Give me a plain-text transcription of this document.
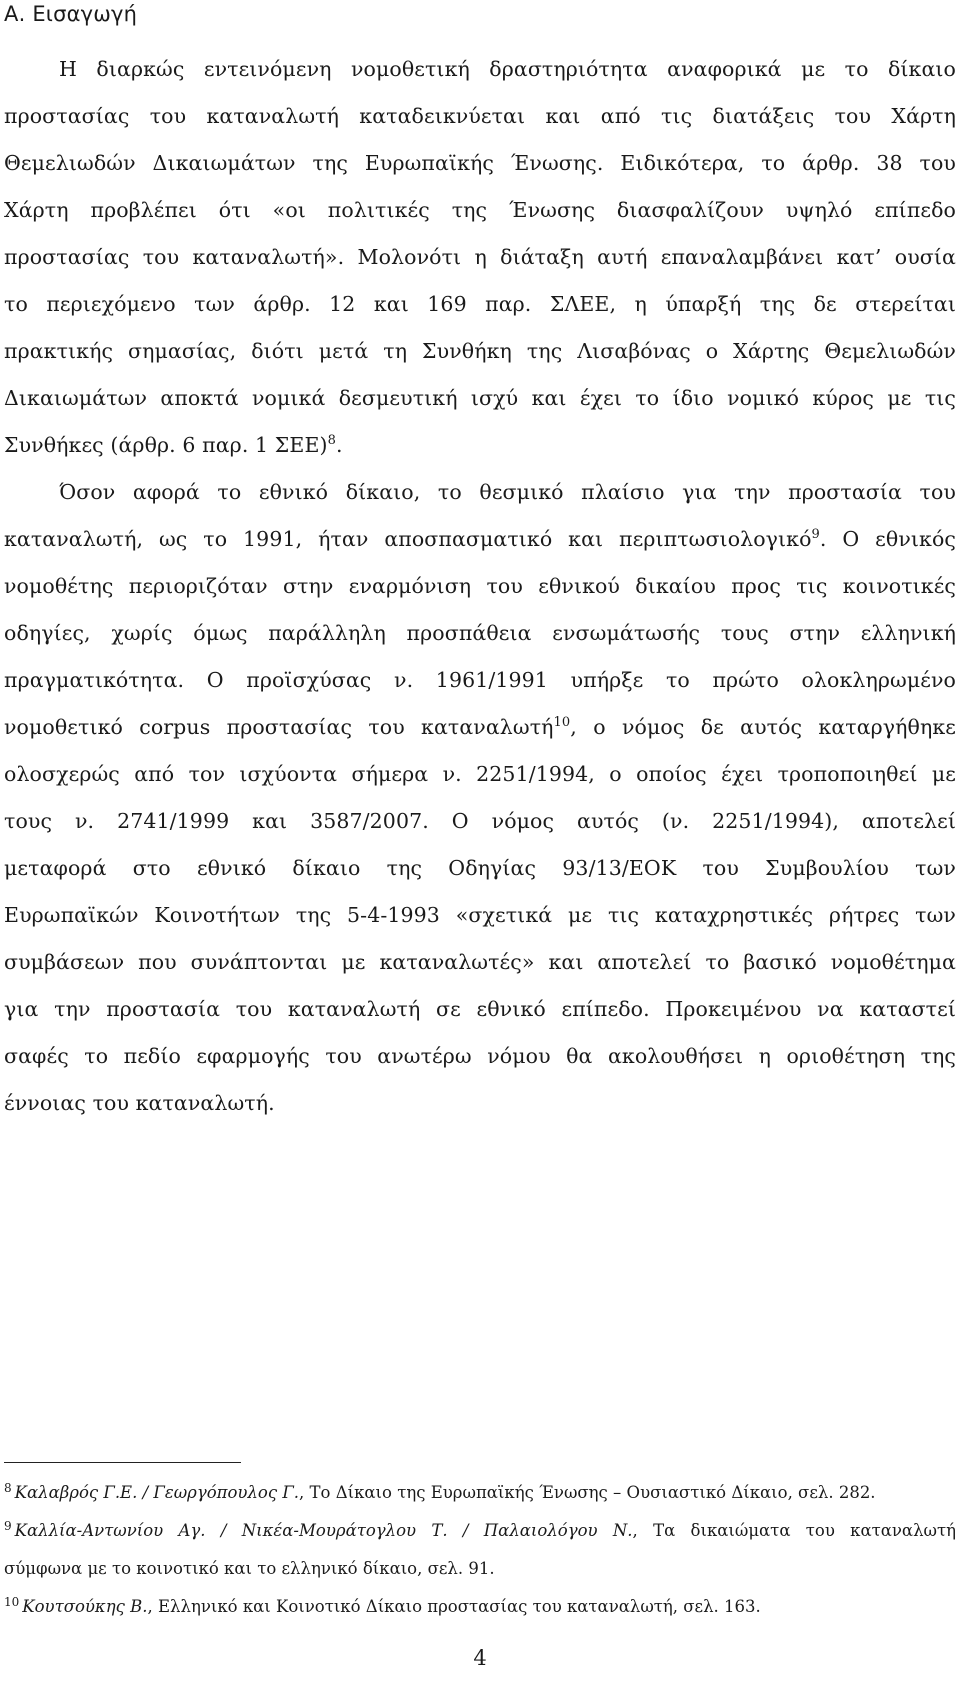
Α. Εισαγωγή
Η διαρκώς εντεινόμενη νομοθετική δραστηριότητα αναφορικά με το δίκαιο
προστασίας του καταναλωτή καταδεικνύεται και από τις διατάξεις του Χάρτη
Θεμελιωδών Δικαιωμάτων της Ευρωπαϊκής Ένωσης. Ειδικότερα, το άρθρ. 38 του
Χάρτη προβλέπει ότι «οι πολιτικές της Ένωσης διασφαλίζουν υψηλό επίπεδο
προστασίας του καταναλωτή». Μολονότι η διάταξη αυτή επαναλαμβάνει κατ’ ουσία
το περιεχόμενο των άρθρ. 12 και 169 παρ. ΣΛΕΕ, η ύπαρξή της δε στερείται
πρακτικής σημασίας, διότι μετά τη Συνθήκη της Λισαβόνας ο Χάρτης Θεμελιωδών
Δικαιωμάτων αποκτά νομικά δεσμευτική ισχύ και έχει το ίδιο νομικό κύρος με τις
Συνθήκες (άρθρ. 6 παρ. 1 ΣΕΕ)$^8$.
Όσον αφορά το εθνικό δίκαιο, το θεσμικό πλαίσιο για την προστασία του
καταναλωτή, ως το 1991, ήταν αποσπασματικό και περιπτωσιολογικό$^9$. Ο εθνικός
νομοθέτης περιοριζόταν στην εναρμόνιση του εθνικού δικαίου προς τις κοινοτικές
οδηγίες, χωρίς όμως παράλληλη προσπάθεια ενσωμάτωσής τους στην ελληνική
πραγματικότητα. Ο προϊσχύσας ν. 1961/1991 υπήρξε το πρώτο ολοκληρωμένο
νομοθετικό corpus προστασίας του καταναλωτή$^{10}$, ο νόμος δε αυτός καταργήθηκε
ολοσχερώς από τον ισχύοντα σήμερα ν. 2251/1994, ο οποίος έχει τροποποιηθεί με
τους ν. 2741/1999 και 3587/2007. Ο νόμος αυτός (ν. 2251/1994), αποτελεί
μεταφορά στο εθνικό δίκαιο της Οδηγίας 93/13/ΕΟΚ του Συμβουλίου των
Ευρωπαϊκών Κοινοτήτων της 5-4-1993 «σχετικά με τις καταχρηστικές ρήτρες των
συμβάσεων που συνάπτονται με καταναλωτές» και αποτελεί το βασικό νομοθέτημα
για την προστασία του καταναλωτή σε εθνικό επίπεδο. Προκειμένου να καταστεί
σαφές το πεδίο εφαρμογής του ανωτέρω νόμου θα ακολουθήσει η οριοθέτηση της
έννοιας του καταναλωτή.
$^8$ Καλαβρός Γ.Ε. / Γεωργόπουλος Γ., Το Δίκαιο της Ευρωπαϊκής Ένωσης – Ουσιαστικό Δίκαιο, σελ. 282.
$^9$ Καλλία-Αντωνίου Αγ. / Νικέα-Μουράτογλου Τ. / Παλαιολόγου Ν., Τα δικαιώματα του καταναλωτή
σύμφωνα με το κοινοτικό και το ελληνικό δίκαιο, σελ. 91.
$^{10}$ Κουτσούκης Β., Ελληνικό και Κοινοτικό Δίκαιο προστασίας του καταναλωτή, σελ. 163.
4
